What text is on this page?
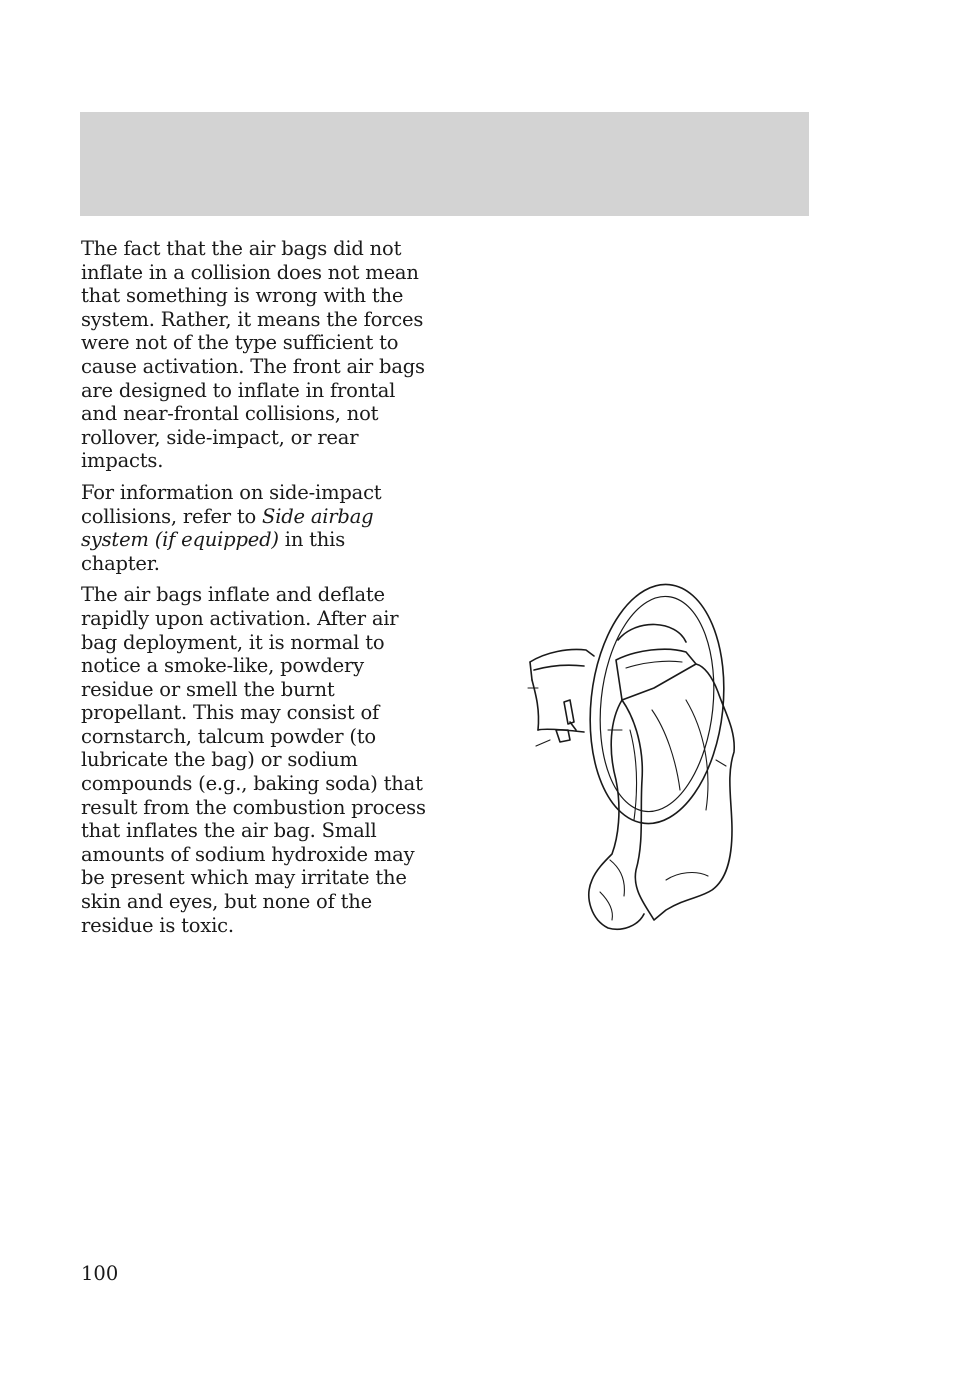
The fact that the air bags did not inflate in a collision does not mean that something is wrong with the system. Rather, it means the forces were not of the type sufficient to cause activation. The front air bags are designed to inflate in frontal and near-frontal collisions, not rollover, side-impact, or rear impacts.

For information on side-impact collisions, refer to Side airbag system (if equipped) in this chapter.

The air bags inflate and deflate rapidly upon activation. After air bag deployment, it is normal to notice a smoke-like, powdery residue or smell the burnt propellant. This may consist of cornstarch, talcum powder (to lubricate the bag) or sodium compounds (e.g., baking soda) that result from the combustion process that inflates the air bag. Small amounts of sodium hydroxide may be present which may irritate the skin and eyes, but none of the residue is toxic.

100
